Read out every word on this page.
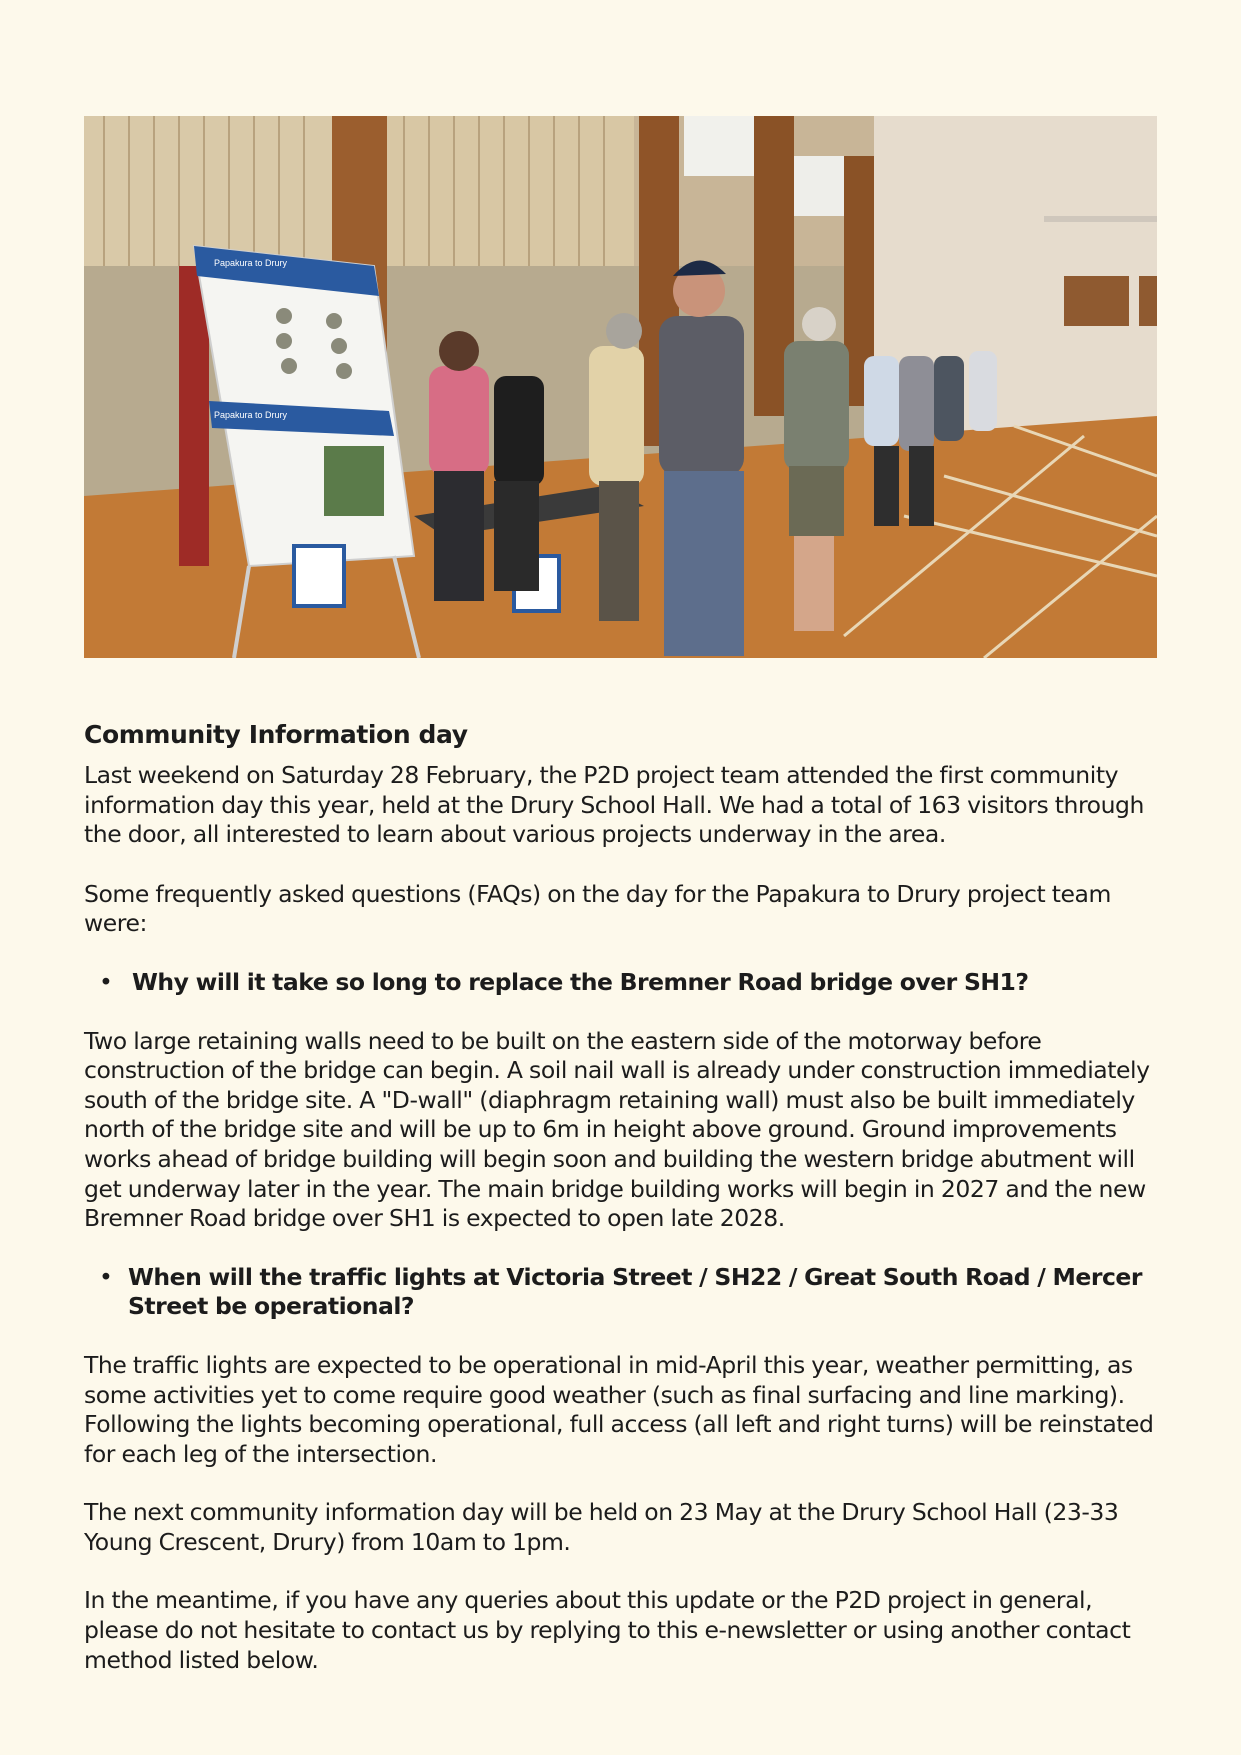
Papakura to Drury
Papakura to Drury
Community Information day

Last weekend on Saturday 28 February, the P2D project team attended the first community information day this year, held at the Drury School Hall. We had a total of 163 visitors through the door, all interested to learn about various projects underway in the area.

Some frequently asked questions (FAQs) on the day for the Papakura to Drury project team were:

• Why will it take so long to replace the Bremner Road bridge over SH1?

Two large retaining walls need to be built on the eastern side of the motorway before construction of the bridge can begin. A soil nail wall is already under construction immediately south of the bridge site. A "D-wall" (diaphragm retaining wall) must also be built immediately north of the bridge site and will be up to 6m in height above ground. Ground improvements works ahead of bridge building will begin soon and building the western bridge abutment will get underway later in the year. The main bridge building works will begin in 2027 and the new Bremner Road bridge over SH1 is expected to open late 2028.

• When will the traffic lights at Victoria Street / SH22 / Great South Road / Mercer Street be operational?

The traffic lights are expected to be operational in mid-April this year, weather permitting, as some activities yet to come require good weather (such as final surfacing and line marking). Following the lights becoming operational, full access (all left and right turns) will be reinstated for each leg of the intersection.

The next community information day will be held on 23 May at the Drury School Hall (23-33 Young Crescent, Drury) from 10am to 1pm.

In the meantime, if you have any queries about this update or the P2D project in general, please do not hesitate to contact us by replying to this e-newsletter or using another contact method listed below.
